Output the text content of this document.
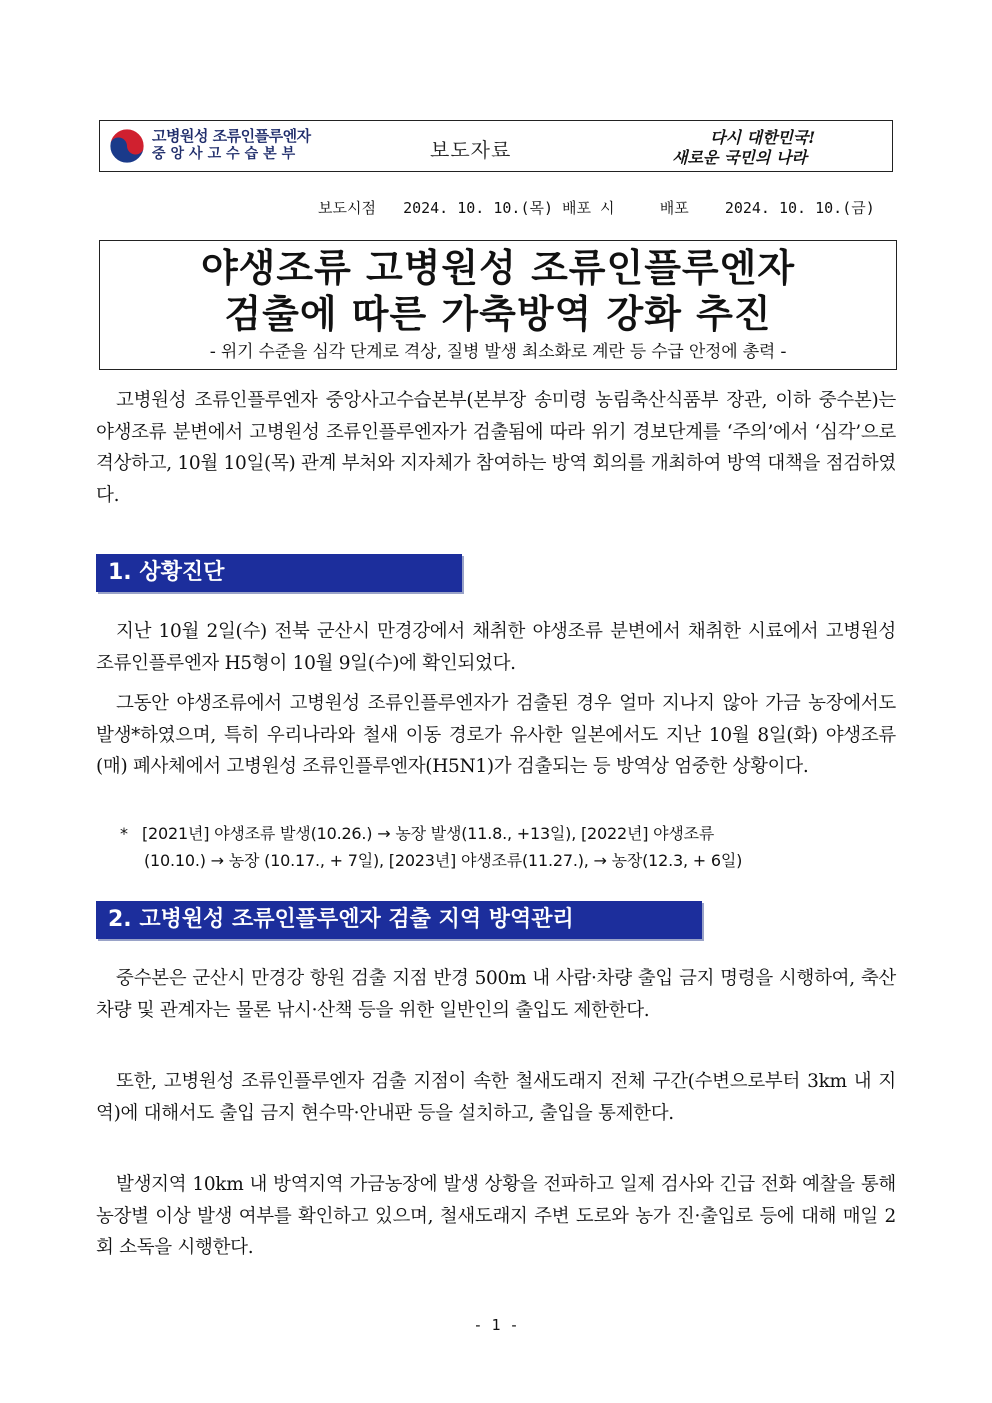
고병원성 조류인플루엔자
중앙사고수습본부	보도자료
다시 대한민국!
새로운 국민의 나라
보도시점 2024. 10. 10.(목) 배포 시	배포 2024. 10. 10.(금)
야생조류 고병원성 조류인플루엔자
검출에 따른 가축방역 강화 추진
- 위기 수준을 심각 단계로 격상, 질병 발생 최소화로 계란 등 수급 안정에 총력 -

고병원성 조류인플루엔자 중앙사고수습본부(본부장 송미령 농림축산식품부 장관, 이하 중수본)는 야생조류 분변에서 고병원성 조류인플루엔자가 검출됨에 따라 위기 경보단계를 ‘주의’에서 ‘심각’으로 격상하고, 10월 10일(목) 관계 부처와 지자체가 참여하는 방역 회의를 개최하여 방역 대책을 점검하였다.

1. 상황진단

지난 10월 2일(수) 전북 군산시 만경강에서 채취한 야생조류 분변에서 채취한 시료에서 고병원성 조류인플루엔자 H5형이 10월 9일(수)에 확인되었다.

그동안 야생조류에서 고병원성 조류인플루엔자가 검출된 경우 얼마 지나지 않아 가금 농장에서도 발생*하였으며, 특히 우리나라와 철새 이동 경로가 유사한 일본에서도 지난 10월 8일(화) 야생조류(매) 폐사체에서 고병원성 조류인플루엔자(H5N1)가 검출되는 등 방역상 엄중한 상황이다.

* [2021년] 야생조류 발생(10.26.) → 농장 발생(11.8., +13일), [2022년] 야생조류
(10.10.) → 농장 (10.17., + 7일), [2023년] 야생조류(11.27.), → 농장(12.3, + 6일)
2. 고병원성 조류인플루엔자 검출 지역 방역관리

중수본은 군산시 만경강 항원 검출 지점 반경 500m 내 사람·차량 출입 금지 명령을 시행하여, 축산차량 및 관계자는 물론 낚시·산책 등을 위한 일반인의 출입도 제한한다.

또한, 고병원성 조류인플루엔자 검출 지점이 속한 철새도래지 전체 구간(수변으로부터 3km 내 지역)에 대해서도 출입 금지 현수막·안내판 등을 설치하고, 출입을 통제한다.

발생지역 10km 내 방역지역 가금농장에 발생 상황을 전파하고 일제 검사와 긴급 전화 예찰을 통해 농장별 이상 발생 여부를 확인하고 있으며, 철새도래지 주변 도로와 농가 진·출입로 등에 대해 매일 2회 소독을 시행한다.

- 1 -
